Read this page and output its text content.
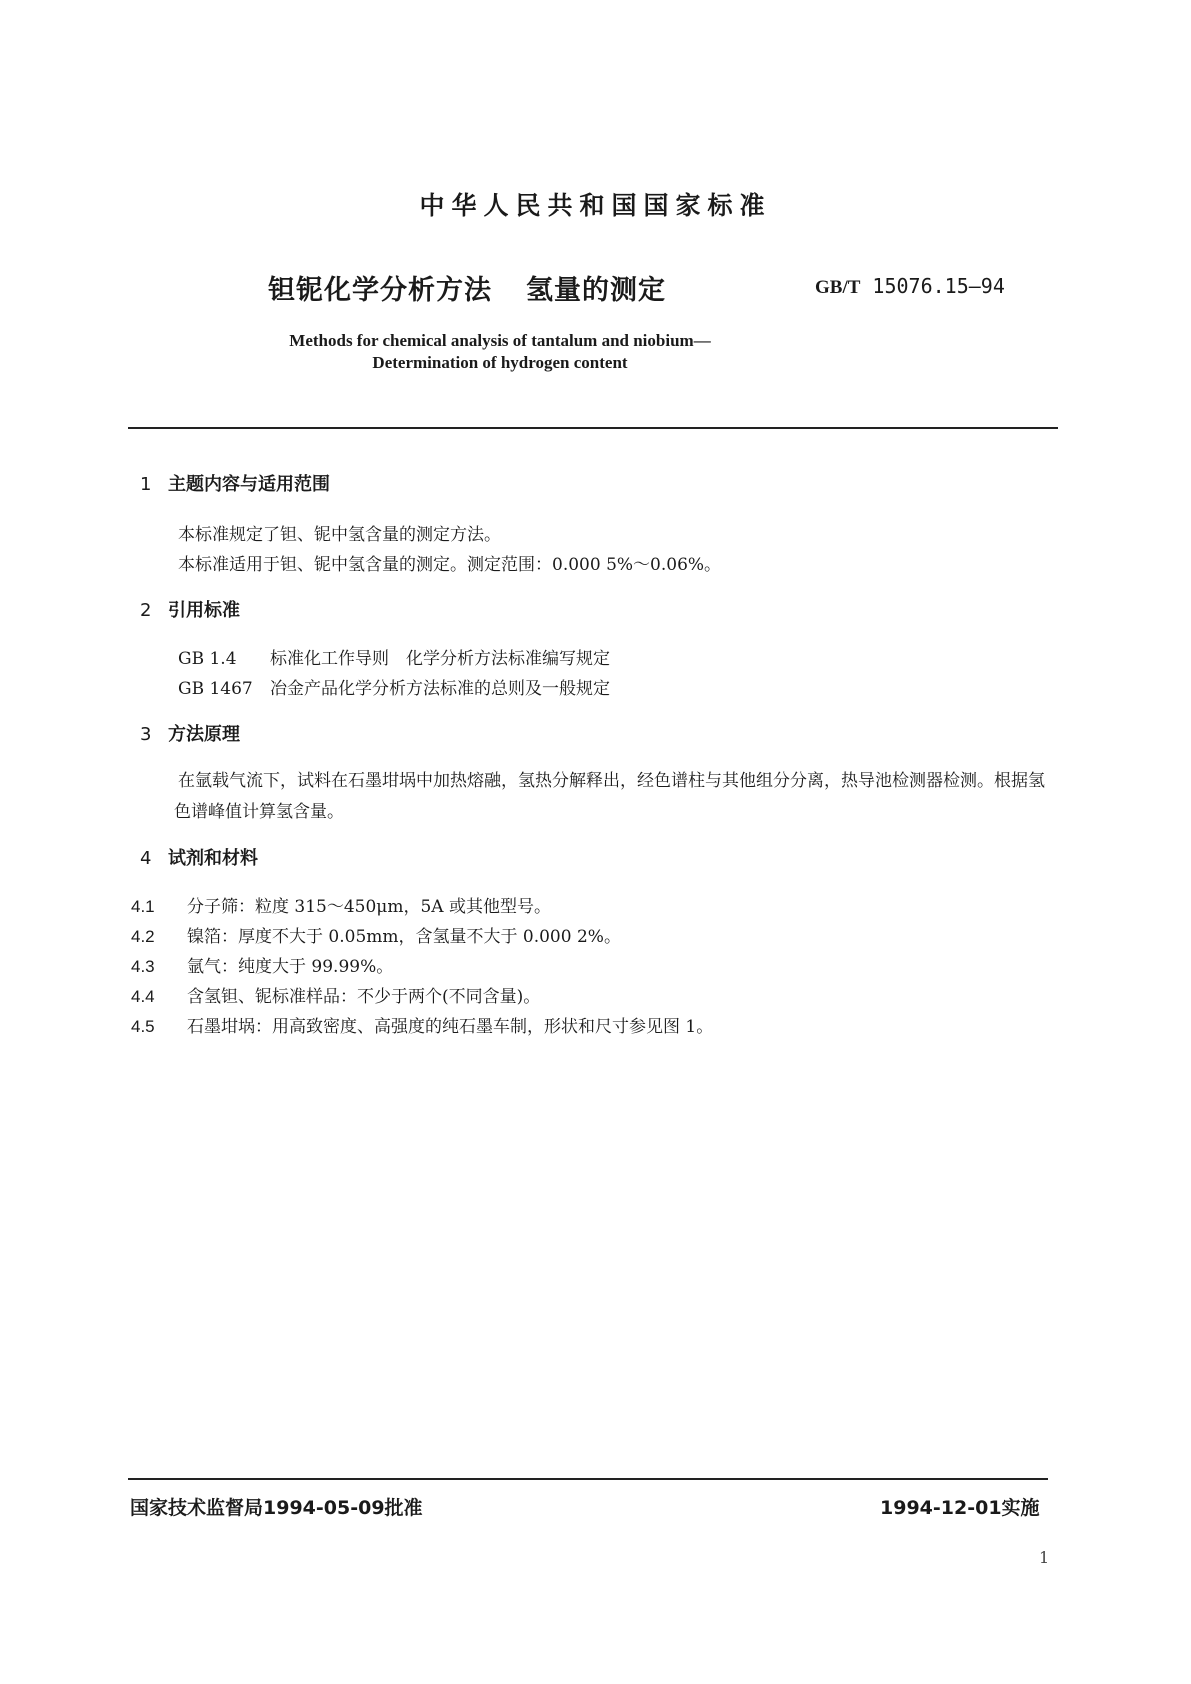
中华人民共和国国家标准
钽铌化学分析方法 氢量的测定	GB/T 15076.15—94
Methods for chemical analysis of tantalum and niobium—
Determination of hydrogen content
1 主题内容与适用范围
本标准规定了钽、铌中氢含量的测定方法。
本标准适用于钽、铌中氢含量的测定。测定范围：0.000 5%～0.06%。
2 引用标准
GB 1.4 标准化工作导则　化学分析方法标准编写规定
GB 1467 冶金产品化学分析方法标准的总则及一般规定
3 方法原理
在氩载气流下，试料在石墨坩埚中加热熔融，氢热分解释出，经色谱柱与其他组分分离，热导池检测器检测。根据氢色谱峰值计算氢含量。
4 试剂和材料
4.1 分子筛：粒度 315～450μm，5A 或其他型号。
4.2 镍箔：厚度不大于 0.05mm，含氢量不大于 0.000 2%。
4.3 氩气：纯度大于 99.99%。
4.4 含氢钽、铌标准样品：不少于两个(不同含量)。
4.5 石墨坩埚：用高致密度、高强度的纯石墨车制，形状和尺寸参见图 1。
国家技术监督局1994-05-09批准	1994-12-01实施
1
